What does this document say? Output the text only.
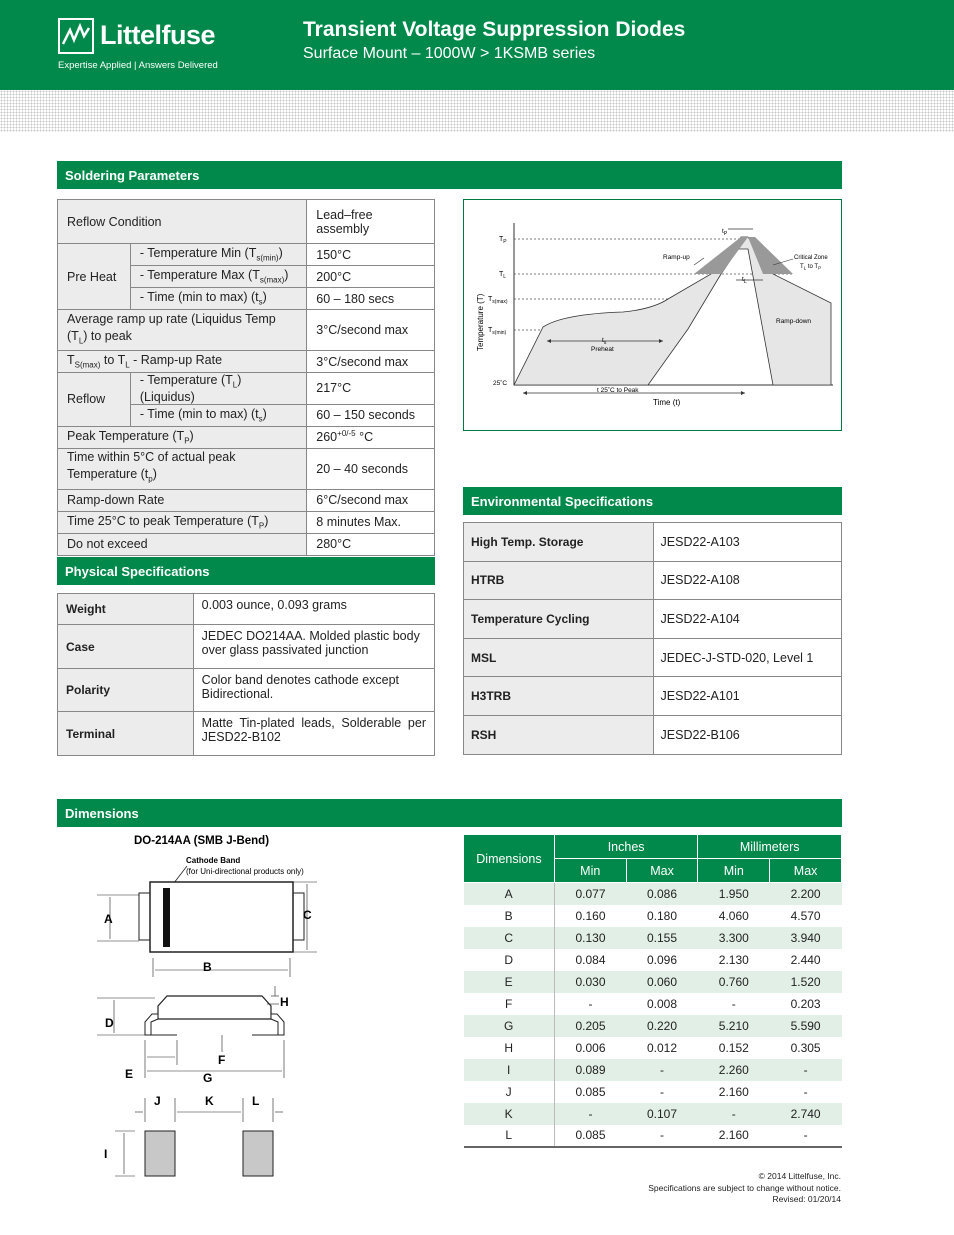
Littelfuse
Expertise Applied | Answers Delivered
Transient Voltage Suppression Diodes
Surface Mount – 1000W > 1KSMB series
Soldering Parameters
Reflow Condition		Lead–free assembly
Pre Heat	- Temperature Min $(T_{s(min)})$	150°C
	- Temperature Max $(T_{s(max)})$	200°C
	- Time (min to max) $(t_s)$	60 – 180 secs
Average ramp up rate (Liquidus Temp $(T_L)$ to peak		3°C/second max
$T_{S(max)}$ to $T_L$ - Ramp-up Rate		3°C/second max
Reflow	- Temperature $(T_L)$ (Liquidus)	217°C
	- Time (min to max) $(t_s)$	60 – 150 seconds
Peak Temperature $(T_P)$		$260^{+0/-5}$ °C
Time within 5°C of actual peak Temperature $(t_p)$		20 – 40 seconds
Ramp-down Rate		6°C/second max
Time 25°C to peak Temperature $(T_P)$		8 minutes Max.
Do not exceed		280°C
Temperature (T)
Time (t)
$T_P$
$T_L$
$T_{s(max)}$
$T_{s(min)}$
25˚C
Ramp-up
Ramp-down
Critical Zone
$T_L$ to $T_P$
$t_s$
Preheat
t 25˚C to Peak
$t_P$
$t_L$
Physical Specifications
Weight	0.003 ounce, 0.093 grams
Case	JEDEC DO214AA. Molded plastic body over glass passivated junction
Polarity	Color band denotes cathode except Bidirectional.
Terminal	Matte Tin-plated leads, Solderable per JESD22-B102
Environmental Specifications
High Temp. Storage	JESD22-A103
HTRB	JESD22-A108
Temperature Cycling	JESD22-A104
MSL	JEDEC-J-STD-020, Level 1
H3TRB	JESD22-A101
RSH	JESD22-B106
Dimensions
DO-214AA (SMB J-Bend)
Cathode Band
(for Uni-directional products only)
A	C
B
D
H
E
F
G
J	K	L
I
Dimensions	Inches		Millimeters	
	Min	Max	Min	Max
A	0.077	0.086	1.950	2.200
B	0.160	0.180	4.060	4.570
C	0.130	0.155	3.300	3.940
D	0.084	0.096	2.130	2.440
E	0.030	0.060	0.760	1.520
F	-	0.008	-	0.203
G	0.205	0.220	5.210	5.590
H	0.006	0.012	0.152	0.305
I	0.089	-	2.260	-
J	0.085	-	2.160	-
K	-	0.107	-	2.740
L	0.085	-	2.160	-
© 2014 Littelfuse, Inc.
Specifications are subject to change without notice.
Revised: 01/20/14
